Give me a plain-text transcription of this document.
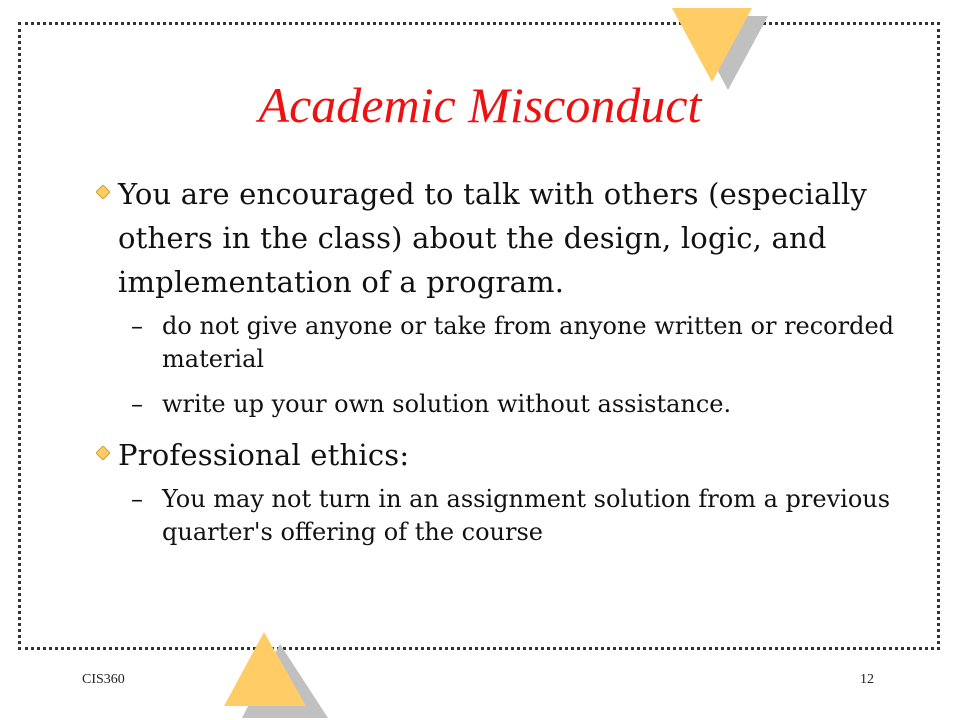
Academic Misconduct
You are encouraged to talk with others (especially others in the class) about the design, logic, and implementation of a program.
– do not give anyone or take from anyone written or recorded material
– write up your own solution without assistance.
Professional ethics:
– You may not turn in an assignment solution from a previous quarter's offering of the course
CIS360	12
